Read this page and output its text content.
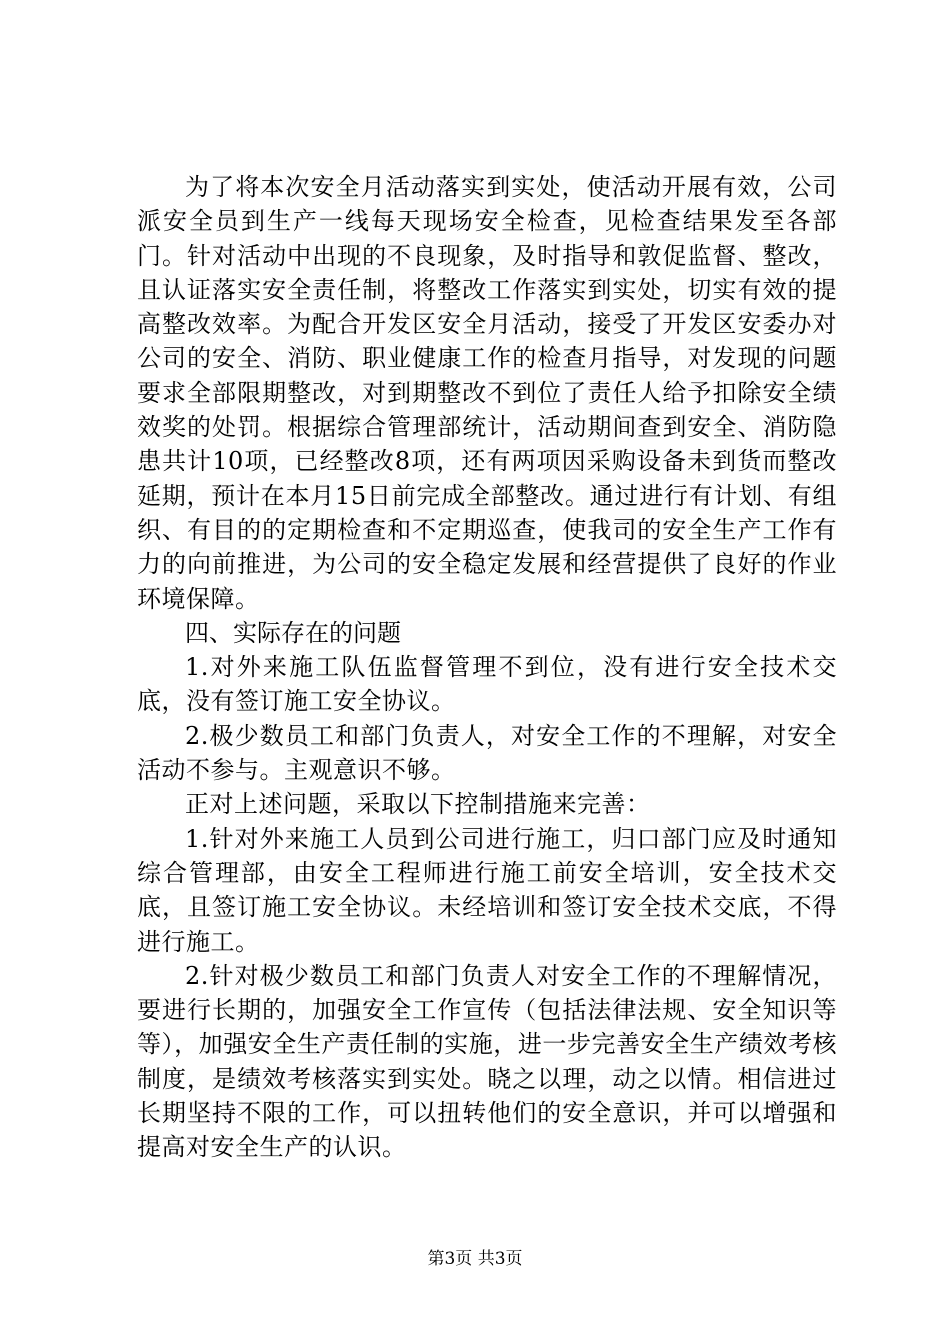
为了将本次安全月活动落实到实处，使活动开展有效，公司派安全员到生产一线每天现场安全检查，见检查结果发至各部门。针对活动中出现的不良现象，及时指导和敦促监督、整改，且认证落实安全责任制，将整改工作落实到实处，切实有效的提高整改效率。为配合开发区安全月活动，接受了开发区安委办对公司的安全、消防、职业健康工作的检查月指导，对发现的问题要求全部限期整改，对到期整改不到位了责任人给予扣除安全绩效奖的处罚。根据综合管理部统计，活动期间查到安全、消防隐患共计10项，已经整改8项，还有两项因采购设备未到货而整改延期，预计在本月15日前完成全部整改。通过进行有计划、有组织、有目的的定期检查和不定期巡查，使我司的安全生产工作有力的向前推进，为公司的安全稳定发展和经营提供了良好的作业环境保障。

四、实际存在的问题

1.对外来施工队伍监督管理不到位，没有进行安全技术交底，没有签订施工安全协议。

2.极少数员工和部门负责人，对安全工作的不理解，对安全活动不参与。主观意识不够。

正对上述问题，采取以下控制措施来完善：

1.针对外来施工人员到公司进行施工，归口部门应及时通知综合管理部，由安全工程师进行施工前安全培训，安全技术交底，且签订施工安全协议。未经培训和签订安全技术交底，不得进行施工。

2.针对极少数员工和部门负责人对安全工作的不理解情况，要进行长期的，加强安全工作宣传（包括法律法规、安全知识等等），加强安全生产责任制的实施，进一步完善安全生产绩效考核制度，是绩效考核落实到实处。晓之以理，动之以情。相信进过长期坚持不限的工作，可以扭转他们的安全意识，并可以增强和提高对安全生产的认识。

第3页 共3页
